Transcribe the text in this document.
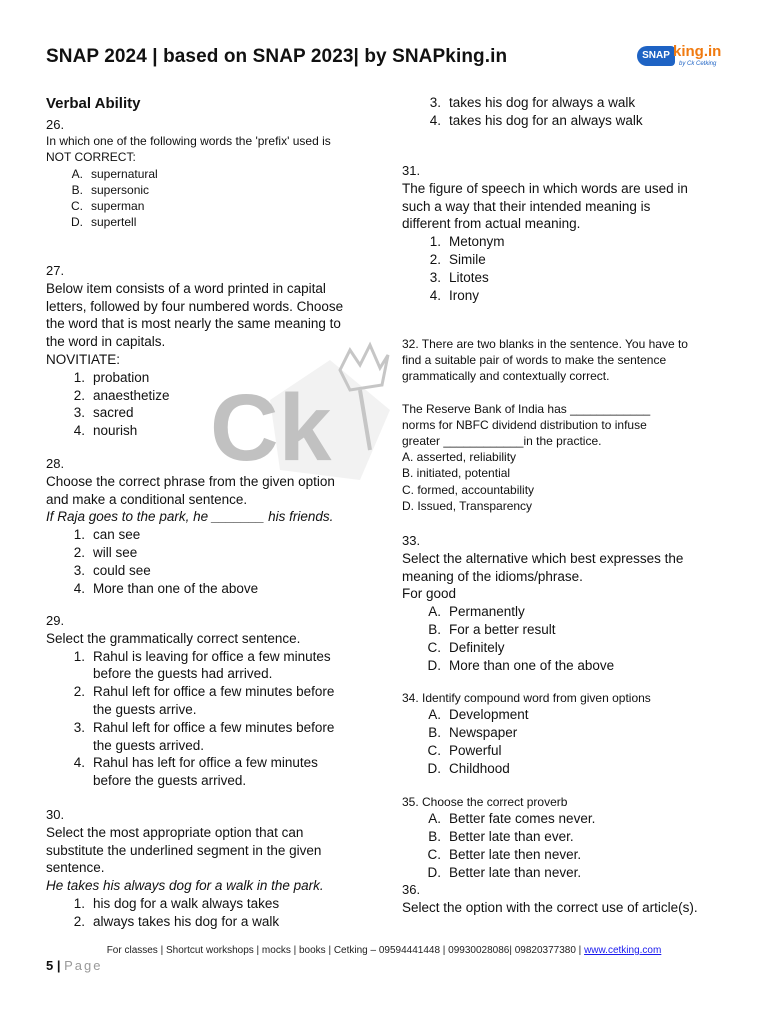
SNAP 2024 | based on SNAP 2023| by SNAPking.in	SNAP king.in
by Ck Cetking
Ck
Verbal Ability
26.
In which one of the following words the 'prefix' used is
NOT CORRECT:
A. supernatural
B. supersonic
C. superman
D. supertell
27.
Below item consists of a word printed in capital
letters, followed by four numbered words. Choose
the word that is most nearly the same meaning to
the word in capitals.
NOVITIATE:
1. probation
2. anaesthetize
3. sacred
4. nourish
28.
Choose the correct phrase from the given option
and make a conditional sentence.
If Raja goes to the park, he _______ his friends.
1. can see
2. will see
3. could see
4. More than one of the above
29.
Select the grammatically correct sentence.
1. Rahul is leaving for office a few minutes
before the guests had arrived.
2. Rahul left for office a few minutes before
the guests arrive.
3. Rahul left for office a few minutes before
the guests arrived.
4. Rahul has left for office a few minutes
before the guests arrived.
30.
Select the most appropriate option that can
substitute the underlined segment in the given
sentence.
He takes his always dog for a walk in the park.
1. his dog for a walk always takes
2. always takes his dog for a walk
3. takes his dog for always a walk
4. takes his dog for an always walk
31.
The figure of speech in which words are used in
such a way that their intended meaning is
different from actual meaning.
1. Metonym
2. Simile
3. Litotes
4. Irony
32. There are two blanks in the sentence. You have to
find a suitable pair of words to make the sentence
grammatically and contextually correct.
The Reserve Bank of India has ____________
norms for NBFC dividend distribution to infuse
greater ____________in the practice.
A. asserted, reliability
B. initiated, potential
C. formed, accountability
D. Issued, Transparency
33.
Select the alternative which best expresses the
meaning of the idioms/phrase.
For good
A. Permanently
B. For a better result
C. Definitely
D. More than one of the above
34. Identify compound word from given options
A. Development
B. Newspaper
C. Powerful
D. Childhood
35. Choose the correct proverb
A. Better fate comes never.
B. Better late than ever.
C. Better late then never.
D. Better late than never.
36.
Select the option with the correct use of article(s).
For classes | Shortcut workshops | mocks | books | Cetking – 09594441448 | 09930028086| 09820377380 | www.cetking.com
5 | Page
